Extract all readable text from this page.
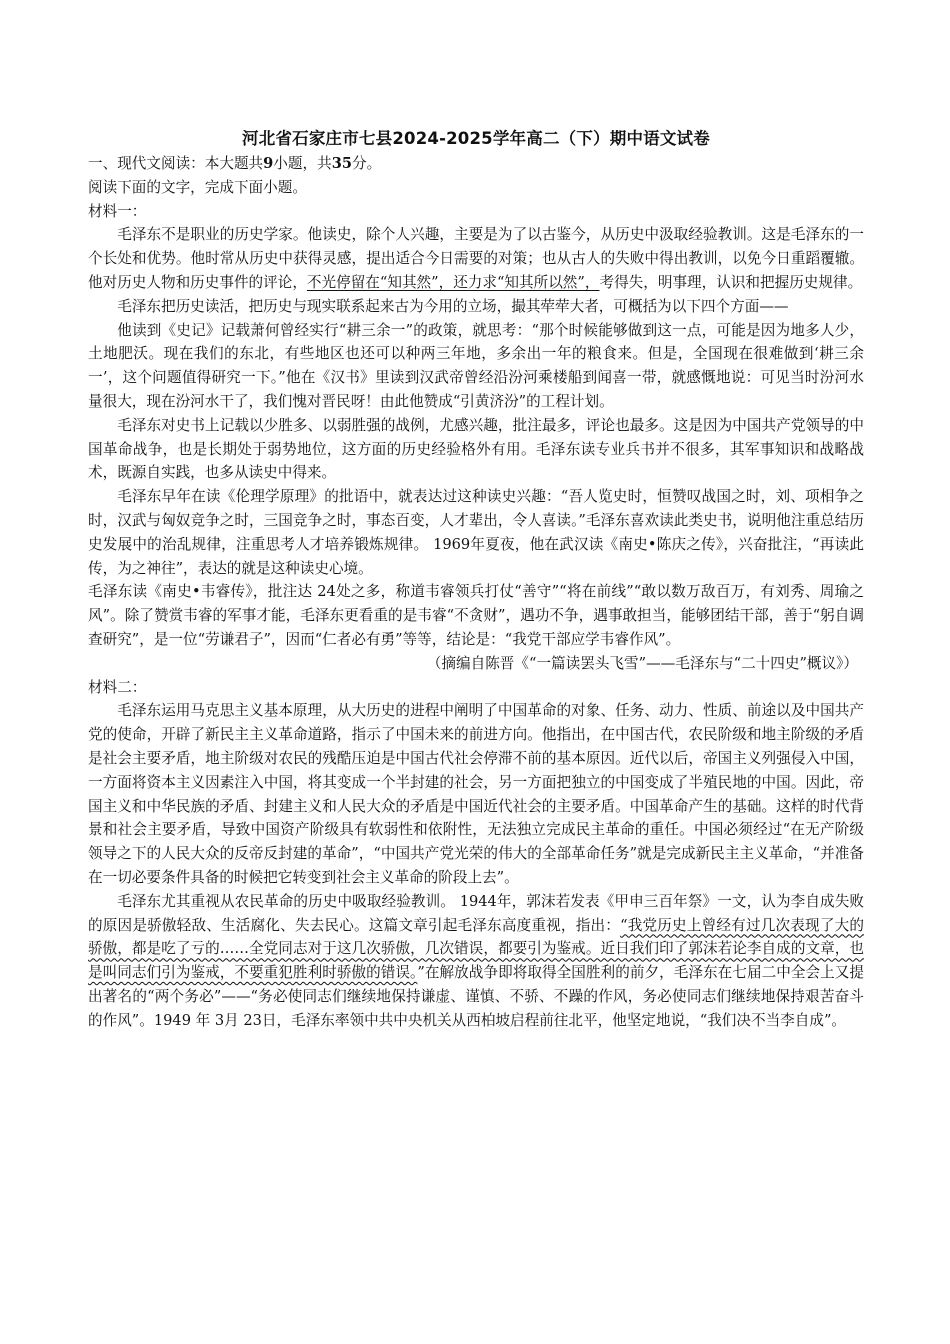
河北省石家庄市七县2024-2025学年高二（下）期中语文试卷

一、现代文阅读：本大题共9小题，共35分。

阅读下面的文字，完成下面小题。

材料一：

毛泽东不是职业的历史学家。他读史，除个人兴趣，主要是为了以古鉴今，从历史中汲取经验教训。这是毛泽东的一个长处和优势。他时常从历史中获得灵感，提出适合今日需要的对策；也从古人的失败中得出教训，以免今日重蹈覆辙。他对历史人物和历史事件的评论，不光停留在“知其然”，还力求“知其所以然”，考得失，明事理，认识和把握历史规律。

毛泽东把历史读活，把历史与现实联系起来古为今用的立场，撮其荦荦大者，可概括为以下四个方面——

他读到《史记》记载萧何曾经实行“耕三余一”的政策，就思考：“那个时候能够做到这一点，可能是因为地多人少，土地肥沃。现在我们的东北，有些地区也还可以种两三年地，多余出一年的粮食来。但是，全国现在很难做到‘耕三余一’，这个问题值得研究一下。”他在《汉书》里读到汉武帝曾经沿汾河乘楼船到闻喜一带，就感慨地说：可见当时汾河水量很大，现在汾河水干了，我们愧对晋民呀！由此他赞成“引黄济汾”的工程计划。

毛泽东对史书上记载以少胜多、以弱胜强的战例，尤感兴趣，批注最多，评论也最多。这是因为中国共产党领导的中国革命战争，也是长期处于弱势地位，这方面的历史经验格外有用。毛泽东读专业兵书并不很多，其军事知识和战略战术，既源自实践，也多从读史中得来。

毛泽东早年在读《伦理学原理》的批语中，就表达过这种读史兴趣：“吾人览史时，恒赞叹战国之时，刘、项相争之时，汉武与匈奴竞争之时，三国竞争之时，事态百变，人才辈出，令人喜读。”毛泽东喜欢读此类史书，说明他注重总结历史发展中的治乱规律，注重思考人才培养锻炼规律。 1969年夏夜，他在武汉读《南史•陈庆之传》，兴奋批注，“再读此传，为之神往”，表达的就是这种读史心境。

毛泽东读《南史•韦睿传》，批注达 24处之多，称道韦睿领兵打仗“善守”“将在前线”“敢以数万敌百万，有刘秀、周瑜之风”。除了赞赏韦睿的军事才能，毛泽东更看重的是韦睿“不贪财”，遇功不争，遇事敢担当，能够团结干部，善于“躬自调查研究”，是一位“劳谦君子”，因而“仁者必有勇”等等，结论是：“我党干部应学韦睿作风”。

（摘编自陈晋《“一篇读罢头飞雪”——毛泽东与“二十四史”概议》）

材料二：

毛泽东运用马克思主义基本原理，从大历史的进程中阐明了中国革命的对象、任务、动力、性质、前途以及中国共产党的使命，开辟了新民主主义革命道路，指示了中国未来的前进方向。他指出，在中国古代，农民阶级和地主阶级的矛盾是社会主要矛盾，地主阶级对农民的残酷压迫是中国古代社会停滞不前的基本原因。近代以后，帝国主义列强侵入中国，一方面将资本主义因素注入中国，将其变成一个半封建的社会，另一方面把独立的中国变成了半殖民地的中国。因此，帝国主义和中华民族的矛盾、封建主义和人民大众的矛盾是中国近代社会的主要矛盾。中国革命产生的基础。这样的时代背景和社会主要矛盾，导致中国资产阶级具有软弱性和依附性，无法独立完成民主革命的重任。中国必须经过“在无产阶级领导之下的人民大众的反帝反封建的革命”，“中国共产党光荣的伟大的全部革命任务”就是完成新民主主义革命，“并准备在一切必要条件具备的时候把它转变到社会主义革命的阶段上去”。

毛泽东尤其重视从农民革命的历史中吸取经验教训。 1944年，郭沫若发表《甲申三百年祭》一文，认为李自成失败的原因是骄傲轻敌、生活腐化、失去民心。这篇文章引起毛泽东高度重视，指出：“我党历史上曾经有过几次表现了大的骄傲，都是吃了亏的……全党同志对于这几次骄傲，几次错误，都要引为鉴戒。近日我们印了郭沫若论李自成的文章，也是叫同志们引为鉴戒，不要重犯胜利时骄傲的错误。”在解放战争即将取得全国胜利的前夕，毛泽东在七届二中全会上又提出著名的“两个务必”——“务必使同志们继续地保持谦虚、谨慎、不骄、不躁的作风，务必使同志们继续地保持艰苦奋斗的作风”。1949 年 3月 23日，毛泽东率领中共中央机关从西柏坡启程前往北平，他坚定地说，“我们决不当李自成”。
